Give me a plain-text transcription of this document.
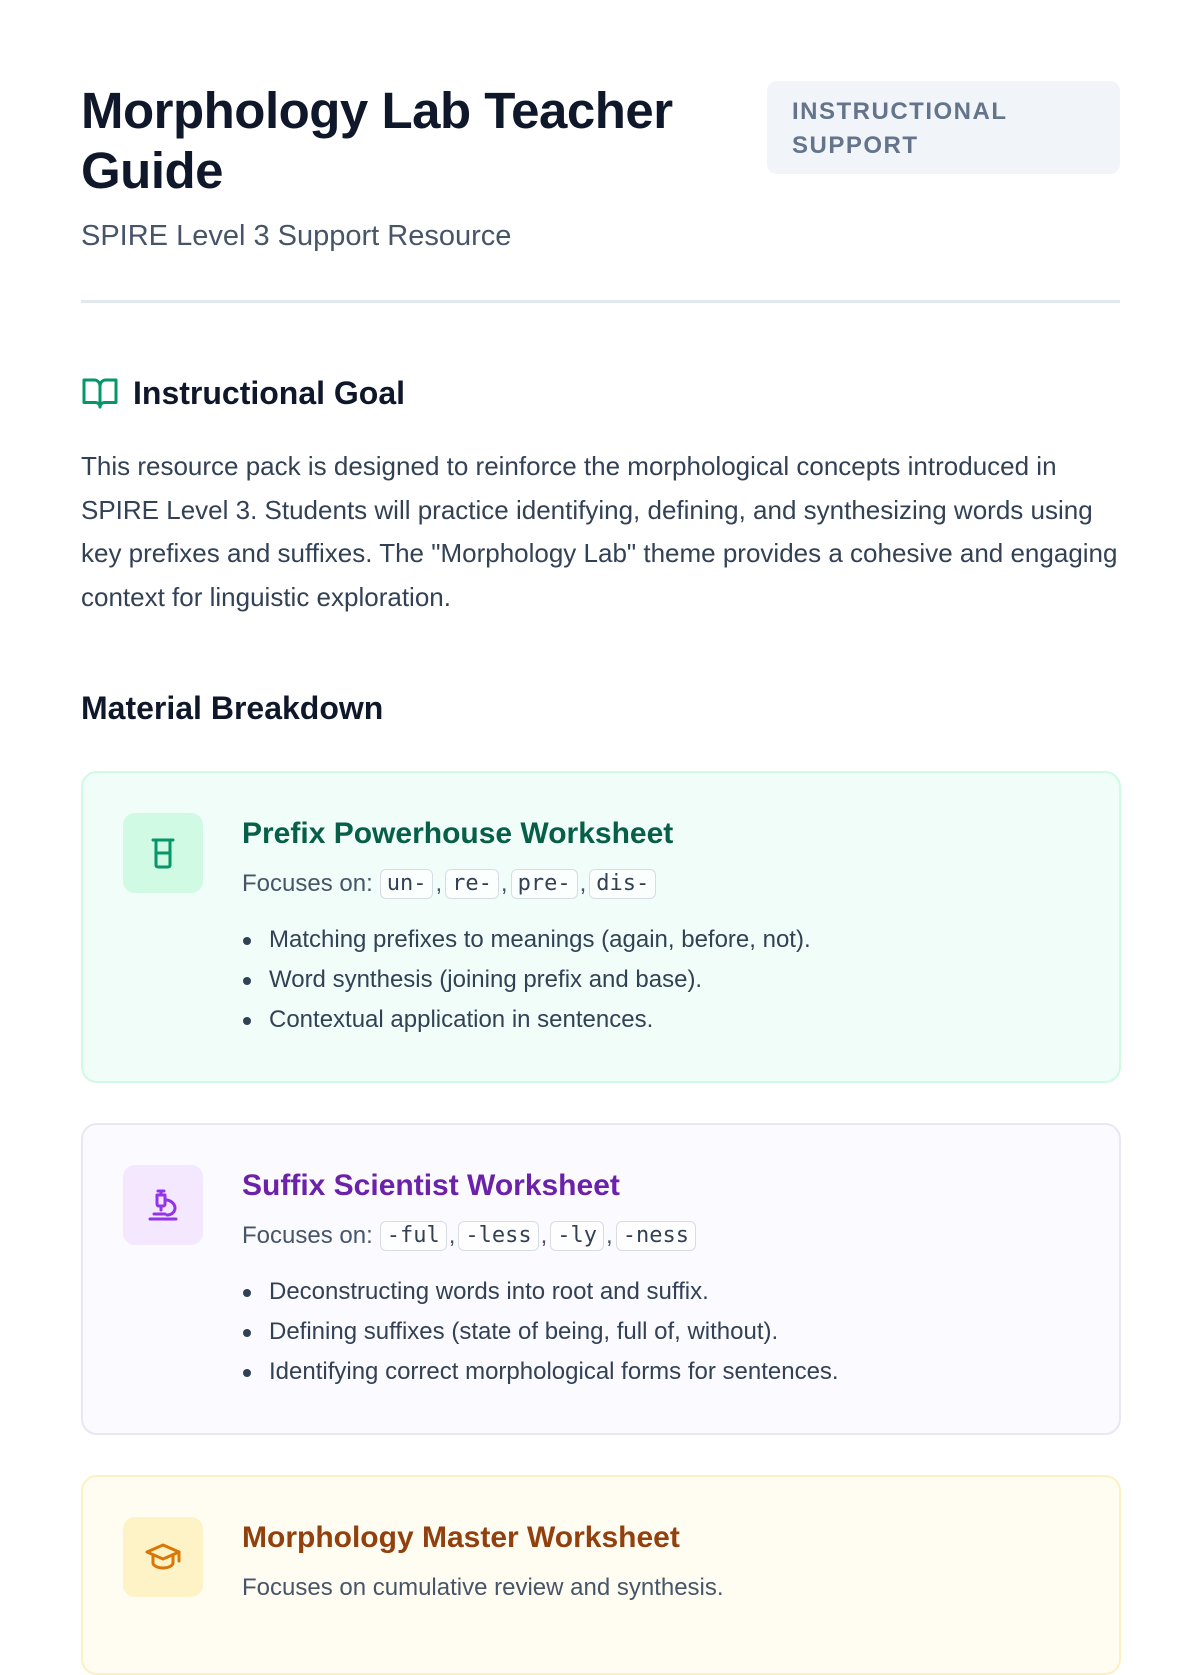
Morphology Lab Teacher Guide
SPIRE Level 3 Support Resource
INSTRUCTIONAL SUPPORT
Instructional Goal

This resource pack is designed to reinforce the morphological concepts introduced in SPIRE Level 3. Students will practice identifying, defining, and synthesizing words using key prefixes and suffixes. The "Morphology Lab" theme provides a cohesive and engaging context for linguistic exploration.

Material Breakdown
Prefix Powerhouse Worksheet
Focuses on: un- , re- , pre- , dis-
Matching prefixes to meanings (again, before, not).
Word synthesis (joining prefix and base).
Contextual application in sentences.
Suffix Scientist Worksheet
Focuses on: -ful , -less , -ly , -ness
Deconstructing words into root and suffix.
Defining suffixes (state of being, full of, without).
Identifying correct morphological forms for sentences.
Morphology Master Worksheet

Focuses on cumulative review and synthesis.
